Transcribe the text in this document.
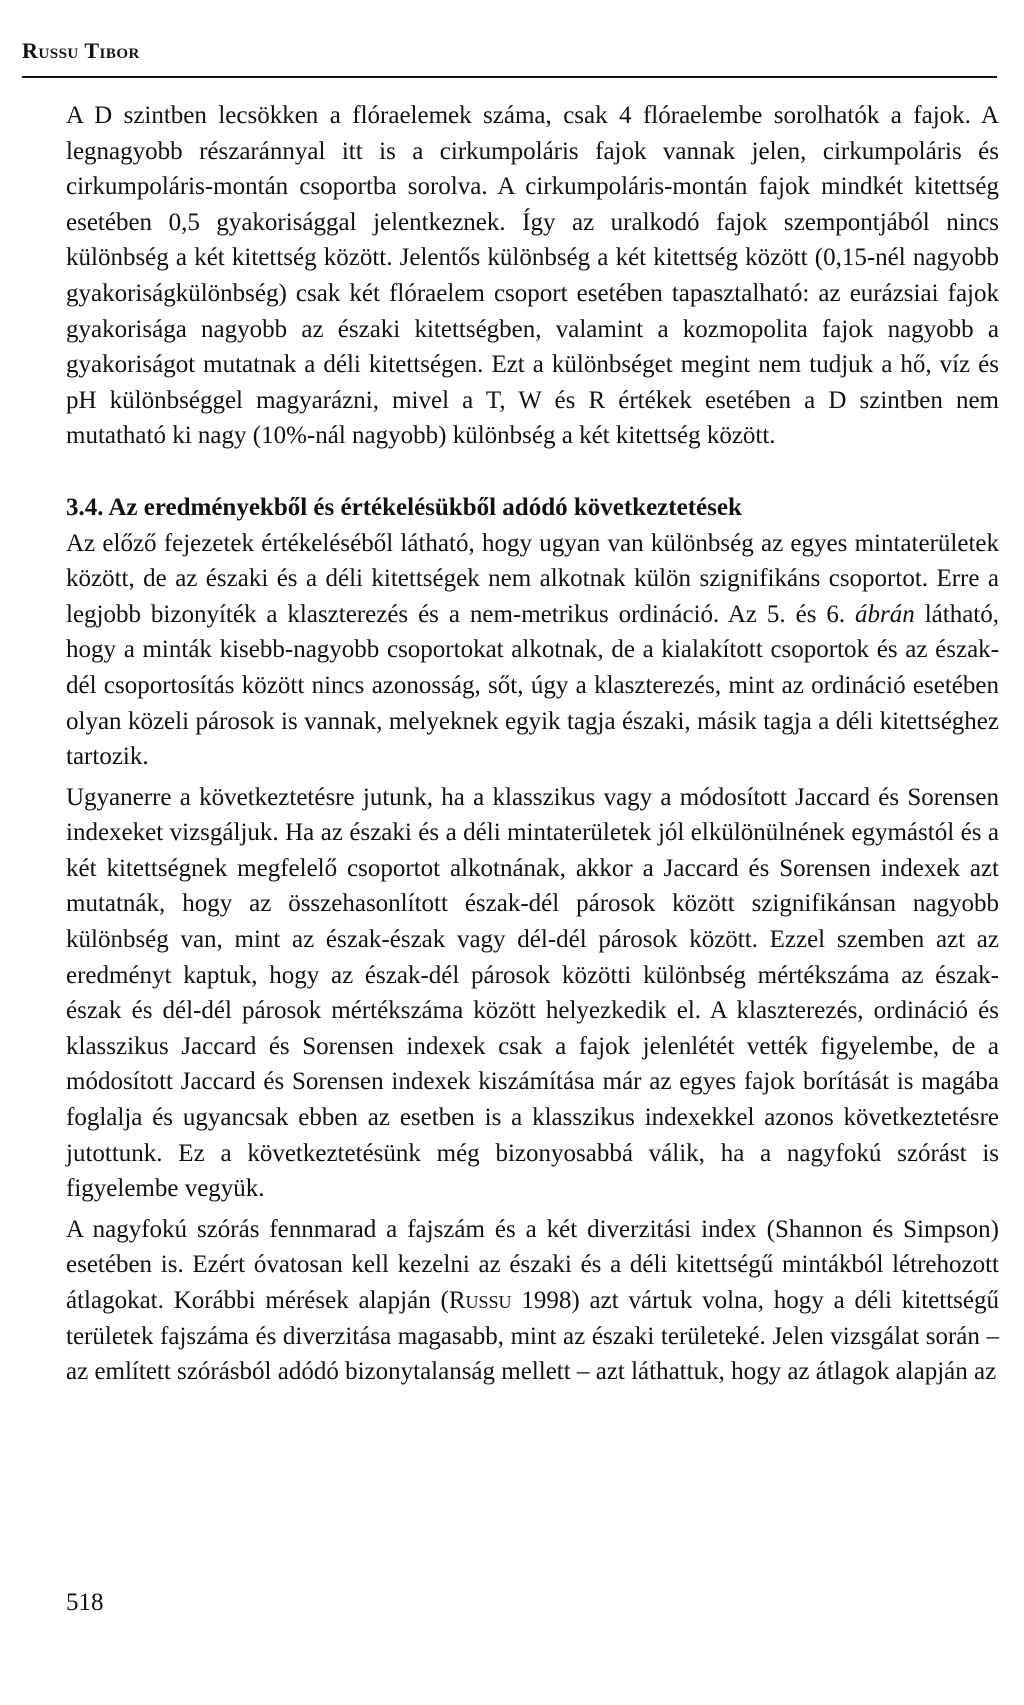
Russu Tibor

A D szintben lecsökken a flóraelemek száma, csak 4 flóraelembe sorolhatók a fajok. A legnagyobb részaránnyal itt is a cirkumpoláris fajok vannak jelen, cirkumpoláris és cirkumpoláris-montán csoportba sorolva. A cirkumpoláris-montán fajok mindkét kitettség esetében 0,5 gyakorisággal jelentkeznek. Így az uralkodó fajok szempontjából nincs különbség a két kitettség között. Jelentős különbség a két kitettség között (0,15-nél nagyobb gyakoriságkülönbség) csak két flóraelem csoport esetében tapasztalható: az eurázsiai fajok gyakorisága nagyobb az északi kitettségben, valamint a kozmopolita fajok nagyobb a gyakoriságot mutatnak a déli kitettségen. Ezt a különbséget megint nem tudjuk a hő, víz és pH különbséggel magyarázni, mivel a T, W és R értékek esetében a D szintben nem mutatható ki nagy (10%-nál nagyobb) különbség a két kitettség között.

3.4. Az eredményekből és értékelésükből adódó következtetések

Az előző fejezetek értékeléséből látható, hogy ugyan van különbség az egyes mintaterületek között, de az északi és a déli kitettségek nem alkotnak külön szignifikáns csoportot. Erre a legjobb bizonyíték a klaszterezés és a nem-metrikus ordináció. Az 5. és 6. ábrán látható, hogy a minták kisebb-nagyobb csoportokat alkotnak, de a kialakított csoportok és az észak-dél csoportosítás között nincs azonosság, sőt, úgy a klaszterezés, mint az ordináció esetében olyan közeli párosok is vannak, melyeknek egyik tagja északi, másik tagja a déli kitettséghez tartozik.

Ugyanerre a következtetésre jutunk, ha a klasszikus vagy a módosított Jaccard és Sorensen indexeket vizsgáljuk. Ha az északi és a déli mintaterületek jól elkülönülnének egymástól és a két kitettségnek megfelelő csoportot alkotnának, akkor a Jaccard és Sorensen indexek azt mutatnák, hogy az összehasonlított észak-dél párosok között szignifikánsan nagyobb különbség van, mint az észak-észak vagy dél-dél párosok között. Ezzel szemben azt az eredményt kaptuk, hogy az észak-dél párosok közötti különbség mértékszáma az észak-észak és dél-dél párosok mértékszáma között helyezkedik el. A klaszterezés, ordináció és klasszikus Jaccard és Sorensen indexek csak a fajok jelenlétét vették figyelembe, de a módosított Jaccard és Sorensen indexek kiszámítása már az egyes fajok borítását is magába foglalja és ugyancsak ebben az esetben is a klasszikus indexekkel azonos következtetésre jutottunk. Ez a következtetésünk még bizonyosabbá válik, ha a nagyfokú szórást is figyelembe vegyük.

A nagyfokú szórás fennmarad a fajszám és a két diverzitási index (Shannon és Simpson) esetében is. Ezért óvatosan kell kezelni az északi és a déli kitettségű mintákból létrehozott átlagokat. Korábbi mérések alapján (Russu 1998) azt vártuk volna, hogy a déli kitettségű területek fajszáma és diverzitása magasabb, mint az északi területeké. Jelen vizsgálat során – az említett szórásból adódó bizonytalanság mellett – azt láthattuk, hogy az átlagok alapján az

518
